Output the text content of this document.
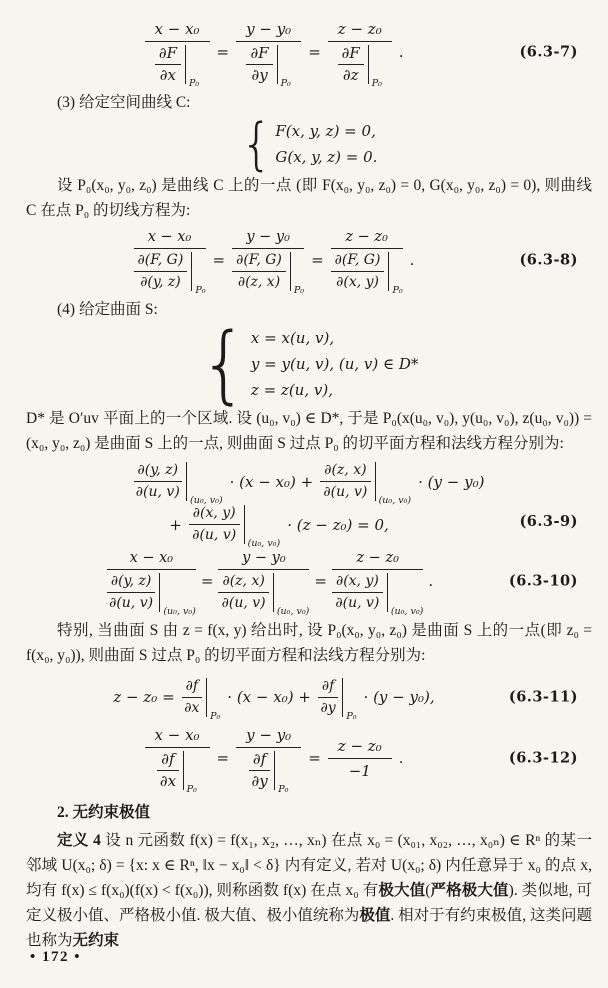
x − x₀
∂F
∂x P₀ = y − y₀
∂F
∂y P₀ = z − z₀
∂F
∂z P₀ .	(6.3-7)

(3) 给定空间曲线 C:

{ F(x, y, z) = 0,
G(x, y, z) = 0.

设 P₀(x₀, y₀, z₀) 是曲线 C 上的一点 (即 F(x₀, y₀, z₀) = 0, G(x₀, y₀, z₀) = 0), 则曲线 C 在点 P₀ 的切线方程为:

x − x₀
∂(F, G)
∂(y, z)
P₀ = y − y₀
∂(F, G)
∂(z, x)
P₀ = z − z₀
∂(F, G)
∂(x, y)
P₀ .	(6.3-8)

(4) 给定曲面 S:

{ x = x(u, v),
y = y(u, v), (u, v) ∈ D*
z = z(u, v),

D* 是 O′uv 平面上的一个区域. 设 (u₀, v₀) ∈ D*, 于是 P₀(x(u₀, v₀), y(u₀, v₀), z(u₀, v₀)) = (x₀, y₀, z₀) 是曲面 S 上的一点, 则曲面 S 过点 P₀ 的切平面方程和法线方程分别为:

∂(y, z)
∂(u, v)
(u₀, v₀)
· (x − x₀) +
∂(z, x)
∂(u, v)
(u₀, v₀)
· (y − y₀)
+
∂(x, y)
∂(u, v)
(u₀, v₀)
· (z − z₀) = 0,	(6.3-9)
x − x₀
∂(y, z)
∂(u, v)
(u₀, v₀) = y − y₀
∂(z, x)
∂(u, v)
(u₀, v₀) = z − z₀
∂(x, y)
∂(u, v)
(u₀, v₀) .	(6.3-10)

特别, 当曲面 S 由 z = f(x, y) 给出时, 设 P₀(x₀, y₀, z₀) 是曲面 S 上的一点(即 z₀ = f(x₀, y₀)), 则曲面 S 过点 P₀ 的切平面方程和法线方程分别为:

z − z₀ =
∂f
∂x
P₀
· (x − x₀) +
∂f
∂y
P₀
· (y − y₀),	(6.3-11)
x − x₀
∂f
∂x P₀ = y − y₀
∂f
∂y $P_0 = \frac{\text{z − z₀}}{-1}$ .	(6.3-12)

2. 无约束极值

定义 4 设 n 元函数 f(x) = f(x₁, x₂, …, xₙ) 在点 x₀ = (x₀₁, x₀₂, …, x₀ₙ) ∈ Rⁿ 的某一邻域 U(x₀; δ) = {x: x ∈ Rⁿ, ‖x − x₀‖ < δ} 内有定义, 若对 U(x₀; δ) 内任意异于 x₀ 的点 x, 均有 f(x) ≤ f(x₀)(f(x) < f(x₀)), 则称函数 f(x) 在点 x₀ 有极大值(严格极大值). 类似地, 可定义极小值、严格极小值. 极大值、极小值统称为极值. 相对于有约束极值, 这类问题也称为无约束

• 172 •
